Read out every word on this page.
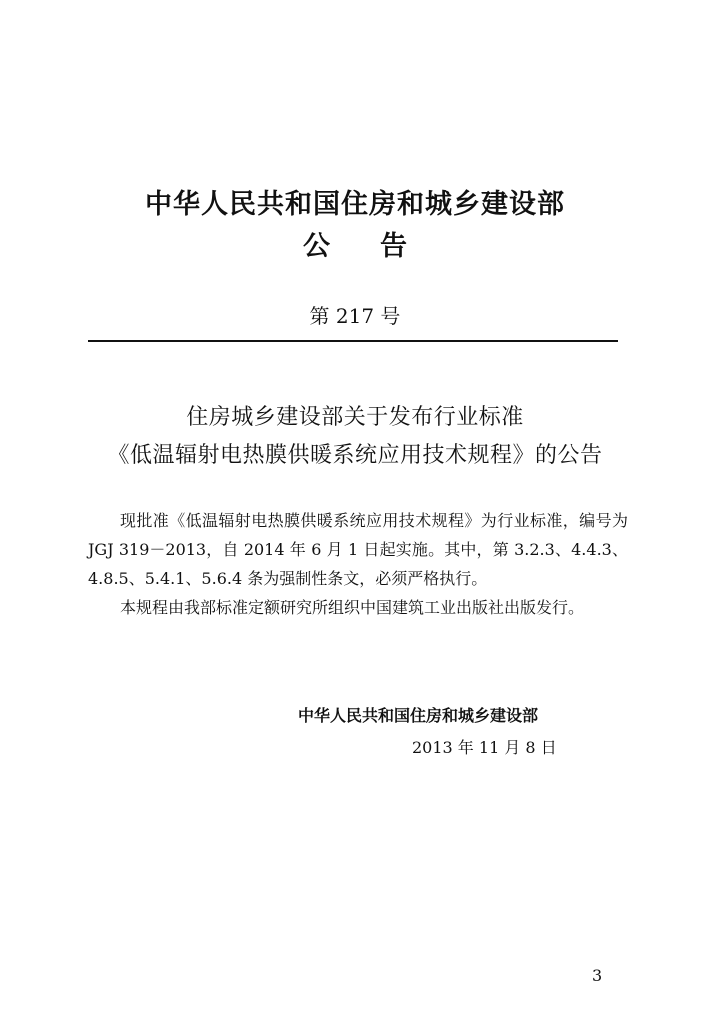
中华人民共和国住房和城乡建设部
公 告
第 217 号
住房城乡建设部关于发布行业标准
《低温辐射电热膜供暖系统应用技术规程》的公告

现批准《低温辐射电热膜供暖系统应用技术规程》为行业标准，编号为 JGJ 319－2013，自 2014 年 6 月 1 日起实施。其中，第 3.2.3、4.4.3、4.8.5、5.4.1、5.6.4 条为强制性条文，必须严格执行。

本规程由我部标准定额研究所组织中国建筑工业出版社出版发行。

中华人民共和国住房和城乡建设部
2013 年 11 月 8 日
3
